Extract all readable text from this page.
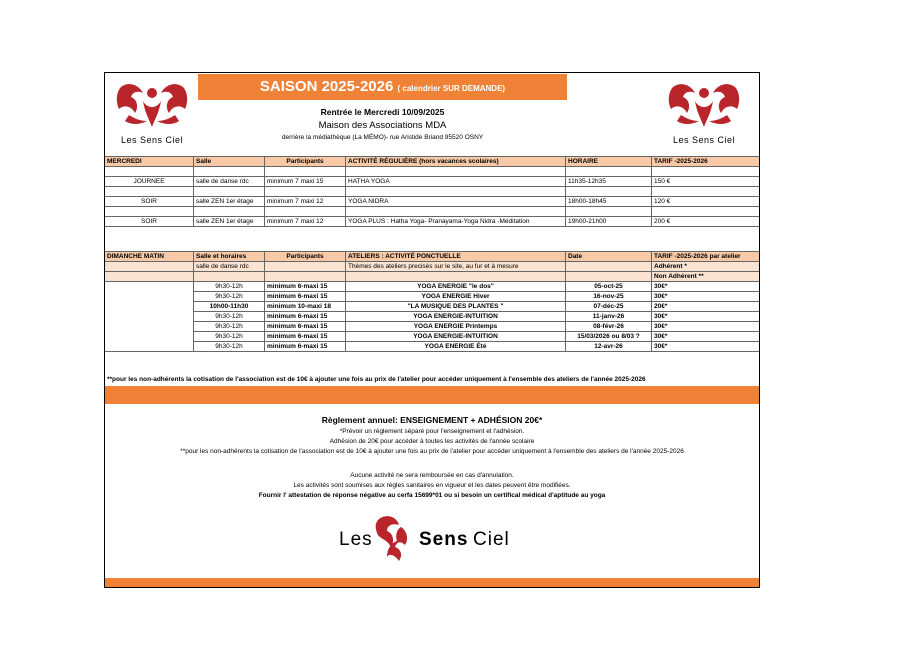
Les Sens Ciel	Les Sens Ciel
SAISON 2025-2026 ( calendrier SUR DEMANDE)
Rentrée le Mercredi 10/09/2025
Maison des Associations MDA
derrière la médiathèque (La MÉMO)- rue Aristide Briand 95520 OSNY
MERCREDI	Salle	Participants	ACTIVITÉ RÉGULIÈRE (hors vacances scolaires)	HORAIRE	TARIF -2025-2026

JOURNEE	salle de danse rdc	minimum 7 maxi 15	HATHA YOGA	11h35-12h35	150 €

SOIR	salle ZEN 1er étage	minimum 7 maxi 12	YOGA NIDRA	18h00-18h45	120 €

SOIR	salle ZEN 1er étage	minimum 7 maxi 12	YOGA PLUS : Hatha Yoga- Pranayama-Yoga Nidra -Méditation	19h00-21h00	200 €
DIMANCHE MATIN	Salle et horaires	Participants	ATELIERS : ACTIVITÉ PONCTUELLE	Date	TARIF -2025-2026 par atelier
	salle de danse rdc		Thèmes des ateliers precisés sur le site, au fur et à mesure		Adhérent *
					Non Adhérent **
	9h30-12h	minimum 6-maxi 15	YOGA ENERGIE "le dos"	05-oct-25	30€*
	9h30-12h	minimum 6-maxi 15	YOGA ENERGIE Hiver	16-nov-25	30€*
	10h00-11h30	minimum 10-maxi 18	"LA MUSIQUE DES PLANTES "	07-déc-25	20€*
	9h30-12h	minimum 6-maxi 15	YOGA ENERGIE-INTUITION	11-janv-26	30€*
	9h30-12h	minimum 6-maxi 15	YOGA ENERGIE Printemps	08-févr-26	30€*
	9h30-12h	minimum 6-maxi 15	YOGA ENERGIE-INTUITION	15/03/2026 ou 8/03 ?	30€*
	9h30-12h	minimum 6-maxi 15	YOGA ENERGIE Été	12-avr-26	30€*
**pour les non-adhérents la cotisation de l'association est de 10€ à ajouter une fois au prix de l'atelier pour accéder uniquement à l'ensemble des ateliers de l'année 2025-2026
Règlement annuel: ENSEIGNEMENT + ADHÉSION 20€*
*Prévoir un règlement séparé pour l'enseignement et l'adhésion.
Adhésion de 20€ pour accéder à toutes les activités de l'année scolaire
**pour les non-adhérents la cotisation de l'association est de 10€ à ajouter une fois au prix de l'atelier pour accéder uniquement à l'ensemble des ateliers de l'année 2025-2026
Aucune activité ne sera remboursée en cas d'annulation.
Les activités sont soumises aux règles sanitaires en vigueur et les dates peuvent être modifiées.
Fournir l' attestation de réponse négative au cerfa 15699*01 ou si besoin un certifical médical d'aptitude au yoga
Les Sens Ciel
